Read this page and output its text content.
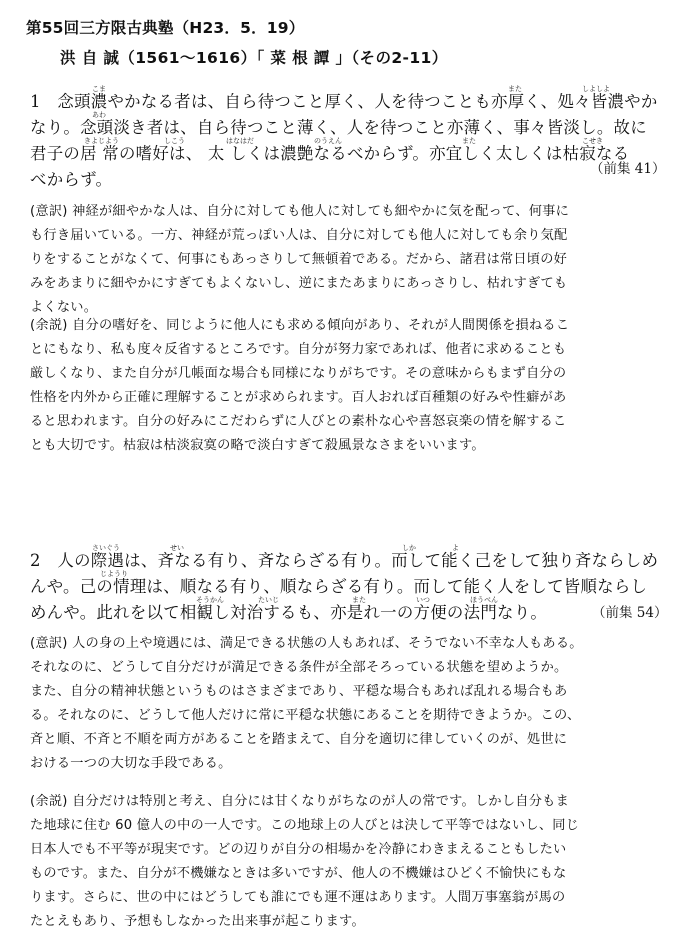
第55回三方限古典塾（H23．5．19）
洪 自 誠（1561～1616）「 菜 根 譚 」（その2-11）
こま	また	しよしよ
あわ
きよじよう	しこう	はなはだ	のうえん	また	こせき
1　念頭濃やかなる者は、自ら待つこと厚く、人を待つことも亦厚く、処々皆濃やか
なり。念頭淡き者は、自ら待つこと薄く、人を待つこと亦薄く、事々皆淡し。故に
君子の居 常の嗜好は、 太 しくは濃艶なるべからず。亦宜しく太しくは枯寂なる
べからず。
（前集 41）
(意訳) 神経が細やかな人は、自分に対しても他人に対しても細やかに気を配って、何事に
も行き届いている。一方、神経が荒っぽい人は、自分に対しても他人に対しても余り気配
りをすることがなくて、何事にもあっさりして無頓着である。だから、諸君は常日頃の好
みをあまりに細やかにすぎてもよくないし、逆にまたあまりにあっさりし、枯れすぎても
よくない。
(余説) 自分の嗜好を、同じように他人にも求める傾向があり、それが人間関係を損ねるこ
とにもなり、私も度々反省するところです。自分が努力家であれば、他者に求めることも
厳しくなり、また自分が几帳面な場合も同様になりがちです。その意味からもまず自分の
性格を内外から正確に理解することが求められます。百人おれば百種類の好みや性癖があ
ると思われます。自分の好みにこだわらずに人びとの素朴な心や喜怒哀楽の情を解するこ
とも大切です。枯寂は枯淡寂寞の略で淡白すぎて殺風景なさまをいいます。
さいぐう	せい	しか	よ
じようり
そうかん	たいじ	また	いつ	ほうべん
2　人の際遇は、斉なる有り、斉ならざる有り。而して能く己をして独り斉ならしめ
んや。己の情理は、順なる有り、順ならざる有り。而して能く人をして皆順ならし
めんや。此れを以て相観し対治するも、亦是れ一の方便の法門なり。	（前集 54）
(意訳) 人の身の上や境遇には、満足できる状態の人もあれば、そうでない不幸な人もある。
それなのに、どうして自分だけが満足できる条件が全部そろっている状態を望めようか。
また、自分の精神状態というものはさまざまであり、平穏な場合もあれば乱れる場合もあ
る。それなのに、どうして他人だけに常に平穏な状態にあることを期待できようか。この、
斉と順、不斉と不順を両方があることを踏まえて、自分を適切に律していくのが、処世に
おける一つの大切な手段である。
(余説) 自分だけは特別と考え、自分には甘くなりがちなのが人の常です。しかし自分もま
た地球に住む 60 億人の中の一人です。この地球上の人びとは決して平等ではないし、同じ
日本人でも不平等が現実です。どの辺りが自分の相場かを冷静にわきまえることもしたい
ものです。また、自分が不機嫌なときは多いですが、他人の不機嫌はひどく不愉快にもな
ります。さらに、世の中にはどうしても誰にでも運不運はあります。人間万事塞翁が馬の
たとえもあり、予想もしなかった出来事が起こります。
